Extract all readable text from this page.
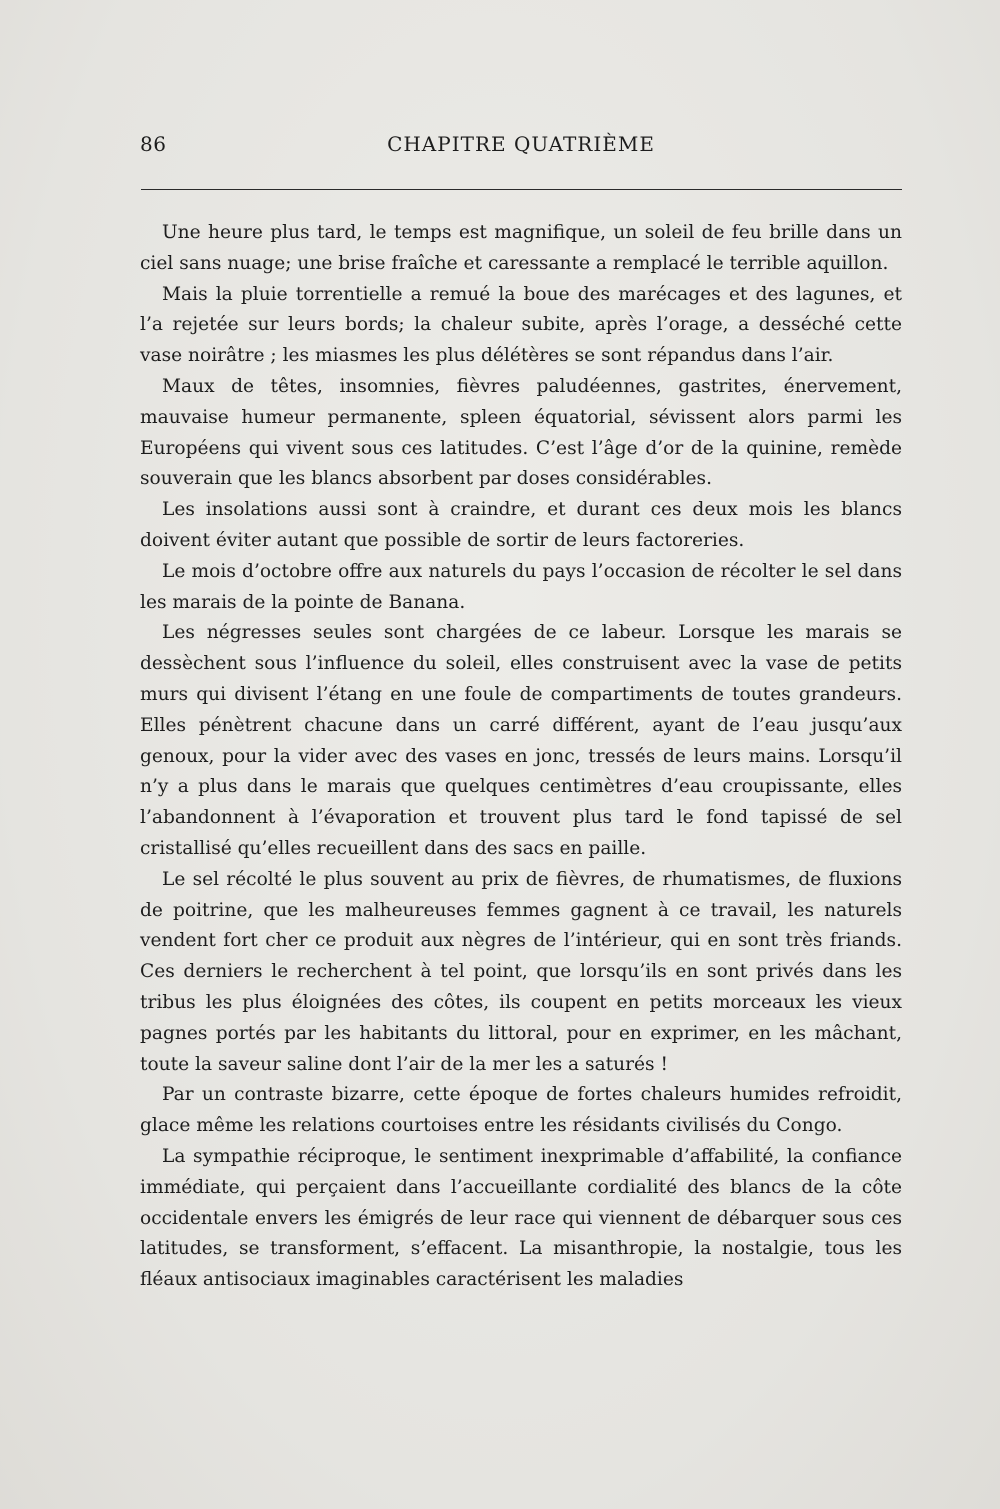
86	CHAPITRE QUATRIÈME

Une heure plus tard, le temps est magnifique, un soleil de feu brille dans un ciel sans nuage; une brise fraîche et caressante a remplacé le terrible aquillon.

Mais la pluie torrentielle a remué la boue des marécages et des lagunes, et l’a rejetée sur leurs bords; la chaleur subite, après l’orage, a desséché cette vase noirâtre ; les miasmes les plus délétères se sont répandus dans l’air.

Maux de têtes, insomnies, fièvres paludéennes, gastrites, énervement, mauvaise humeur permanente, spleen équatorial, sévissent alors parmi les Européens qui vivent sous ces latitudes. C’est l’âge d’or de la quinine, remède souverain que les blancs absorbent par doses considérables.

Les insolations aussi sont à craindre, et durant ces deux mois les blancs doivent éviter autant que possible de sortir de leurs factoreries.

Le mois d’octobre offre aux naturels du pays l’occasion de récolter le sel dans les marais de la pointe de Banana.

Les négresses seules sont chargées de ce labeur. Lorsque les marais se dessèchent sous l’influence du soleil, elles construisent avec la vase de petits murs qui divisent l’étang en une foule de compartiments de toutes grandeurs. Elles pénètrent chacune dans un carré différent, ayant de l’eau jusqu’aux genoux, pour la vider avec des vases en jonc, tressés de leurs mains. Lorsqu’il n’y a plus dans le marais que quelques centimètres d’eau croupissante, elles l’abandonnent à l’évaporation et trouvent plus tard le fond tapissé de sel cristallisé qu’elles recueillent dans des sacs en paille.

Le sel récolté le plus souvent au prix de fièvres, de rhumatismes, de fluxions de poitrine, que les malheureuses femmes gagnent à ce travail, les naturels vendent fort cher ce produit aux nègres de l’intérieur, qui en sont très friands. Ces derniers le recherchent à tel point, que lorsqu’ils en sont privés dans les tribus les plus éloignées des côtes, ils coupent en petits morceaux les vieux pagnes portés par les habitants du littoral, pour en exprimer, en les mâchant, toute la saveur saline dont l’air de la mer les a saturés !

Par un contraste bizarre, cette époque de fortes chaleurs humides refroidit, glace même les relations courtoises entre les résidants civilisés du Congo.

La sympathie réciproque, le sentiment inexprimable d’affabilité, la confiance immédiate, qui perçaient dans l’accueillante cordialité des blancs de la côte occidentale envers les émigrés de leur race qui viennent de débarquer sous ces latitudes, se transforment, s’effacent. La misanthropie, la nostalgie, tous les fléaux antisociaux imaginables caractérisent les maladies
